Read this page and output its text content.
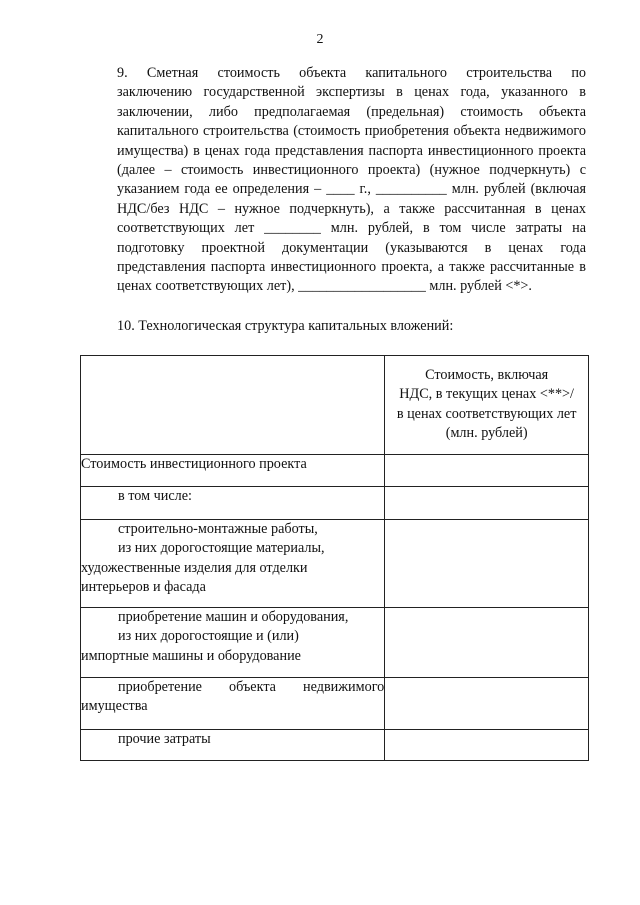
2
9. Сметная стоимость объекта капитального строительства по
заключению государственной экспертизы в ценах года, указанного в
заключении, либо предполагаемая (предельная) стоимость объекта
капитального строительства (стоимость приобретения объекта недвижимого
имущества) в ценах года представления паспорта инвестиционного проекта
(далее – стоимость инвестиционного проекта) (нужное подчеркнуть) с
указанием года ее определения – ____ г., __________ млн. рублей (включая
НДС/без НДС – нужное подчеркнуть), а также рассчитанная в ценах
соответствующих лет ________ млн. рублей, в том числе затраты на
подготовку проектной документации (указываются в ценах года
представления паспорта инвестиционного проекта, а также рассчитанные в
ценах соответствующих лет), __________________ млн. рублей <*>.
10. Технологическая структура капитальных вложений:

	Стоимость, включая
НДС, в текущих ценах <**>/
в ценах соответствующих лет
(млн. рублей)

Стоимость инвестиционного проекта	

в том числе:	

строительно-монтажные работы,
из них дорогостоящие материалы,
художественные изделия для отделки
интерьеров и фасада	

приобретение машин и оборудования,
из них дорогостоящие и (или)
импортные машины и оборудование	

приобретение объекта недвижимого
имущества	

прочие затраты	
